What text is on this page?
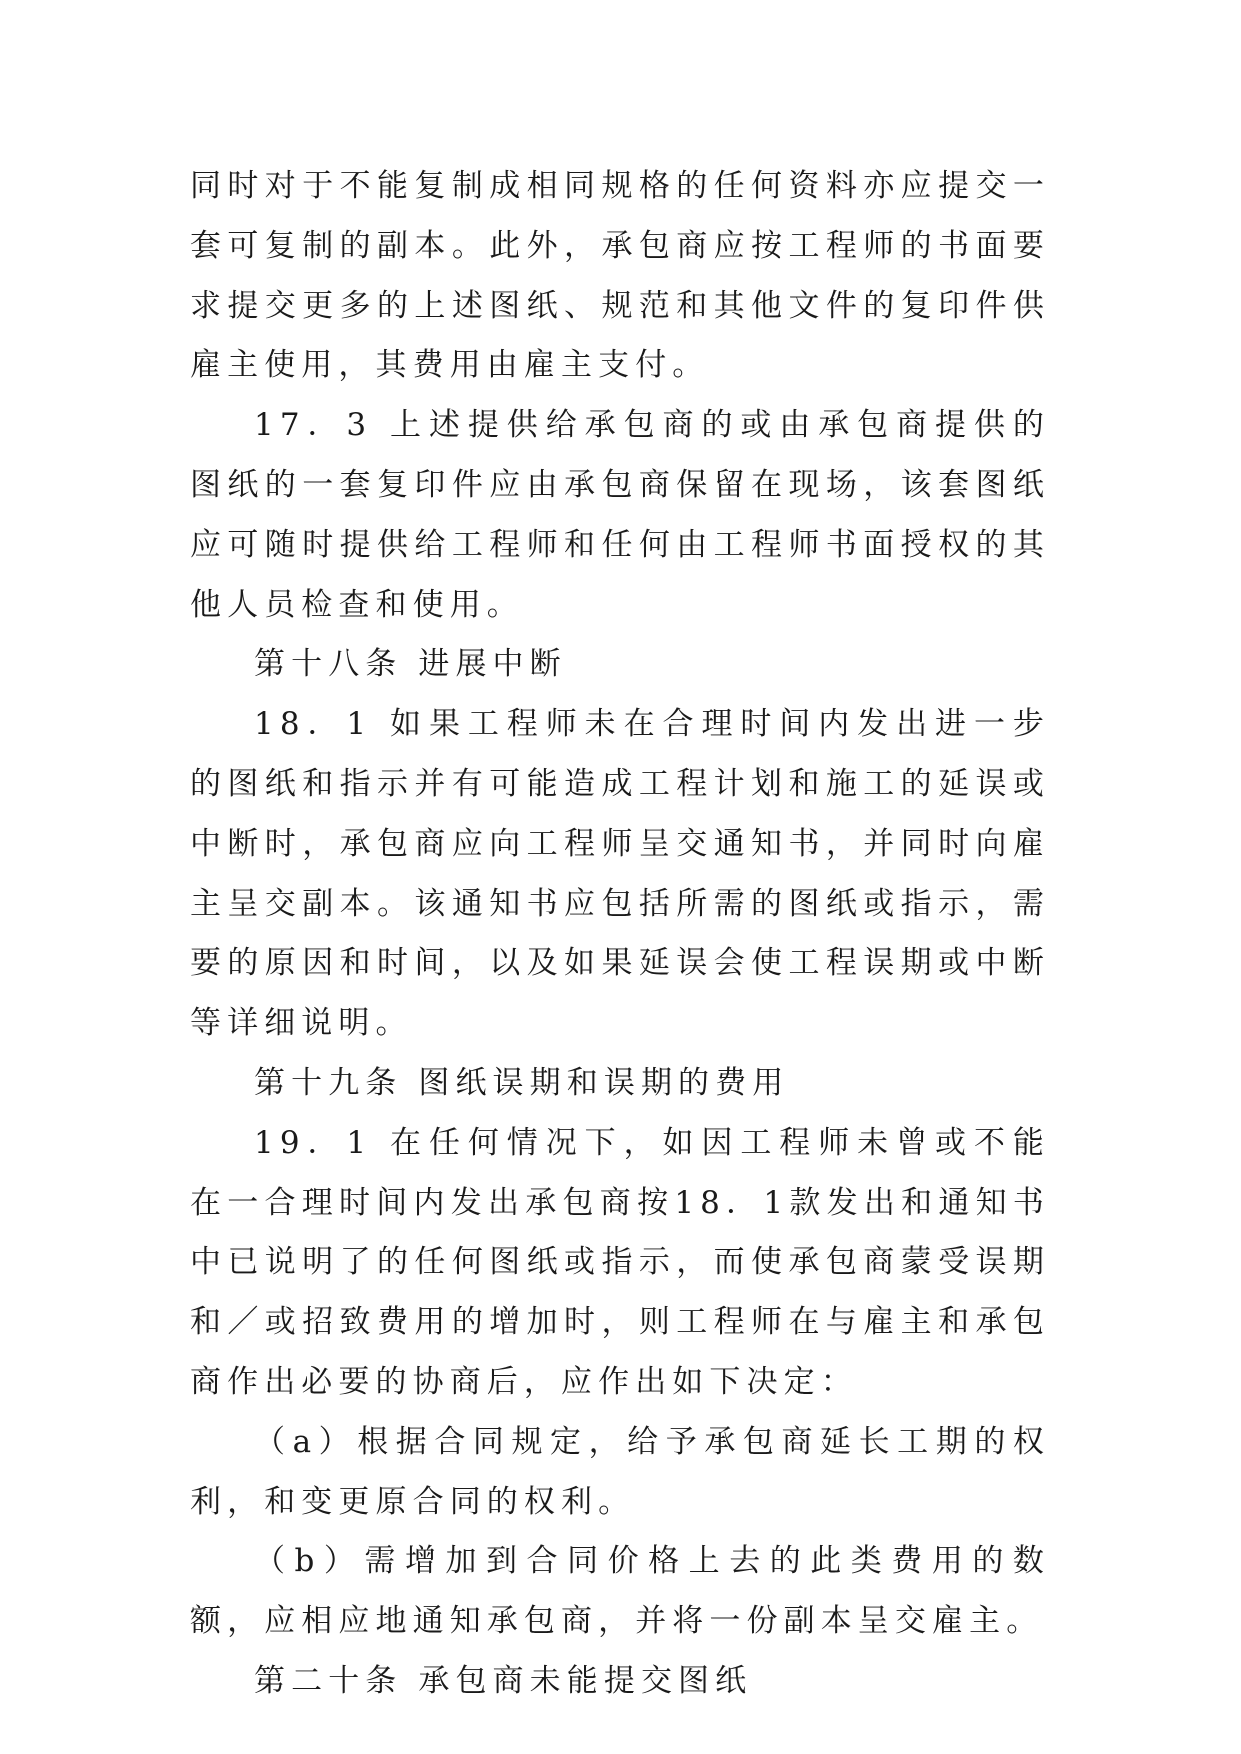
同时对于不能复制成相同规格的任何资料亦应提交一套可复制的副本。此外，承包商应按工程师的书面要求提交更多的上述图纸、规范和其他文件的复印件供雇主使用，其费用由雇主支付。

17．3 上述提供给承包商的或由承包商提供的图纸的一套复印件应由承包商保留在现场，该套图纸应可随时提供给工程师和任何由工程师书面授权的其他人员检查和使用。

第十八条 进展中断

18．1 如果工程师未在合理时间内发出进一步的图纸和指示并有可能造成工程计划和施工的延误或中断时，承包商应向工程师呈交通知书，并同时向雇主呈交副本。该通知书应包括所需的图纸或指示，需要的原因和时间，以及如果延误会使工程误期或中断等详细说明。

第十九条 图纸误期和误期的费用

19．1 在任何情况下，如因工程师未曾或不能在一合理时间内发出承包商按18．1款发出和通知书中已说明了的任何图纸或指示，而使承包商蒙受误期和／或招致费用的增加时，则工程师在与雇主和承包商作出必要的协商后，应作出如下决定：

（a）根据合同规定，给予承包商延长工期的权利，和变更原合同的权利。

（b）需增加到合同价格上去的此类费用的数额，应相应地通知承包商，并将一份副本呈交雇主。

第二十条 承包商未能提交图纸
